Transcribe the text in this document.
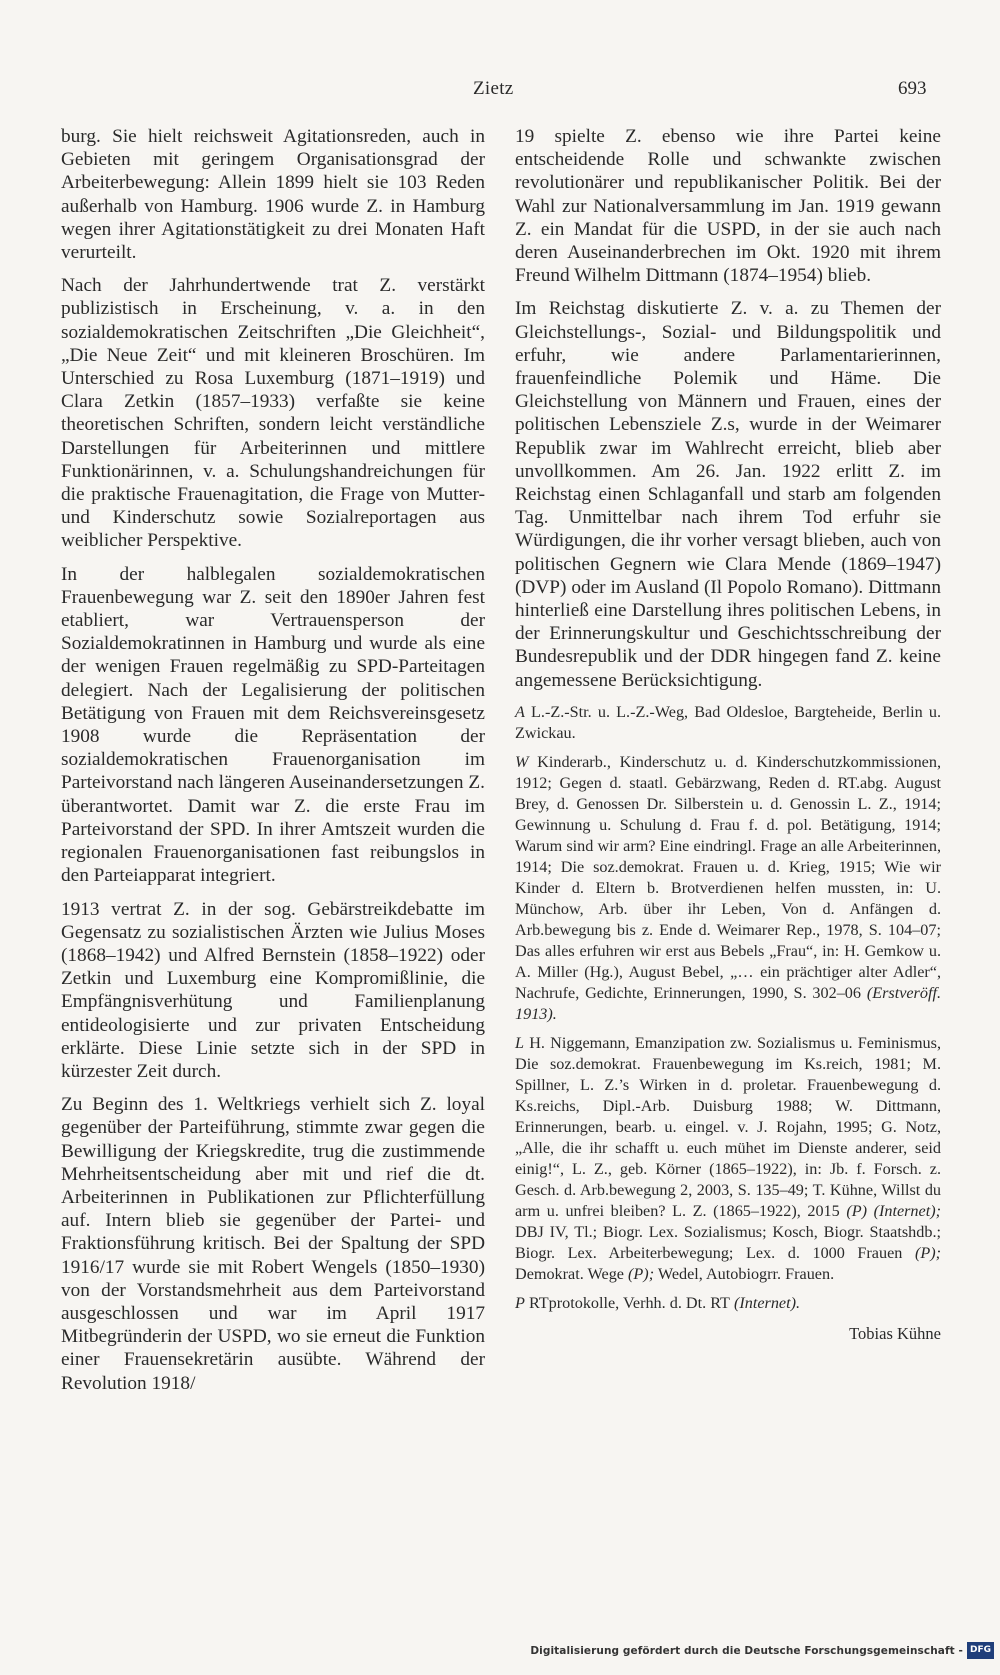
Zietz	693

burg. Sie hielt reichsweit Agitationsreden, auch in Gebieten mit geringem Organisationsgrad der Arbeiterbewegung: Allein 1899 hielt sie 103 Reden außerhalb von Hamburg. 1906 wurde Z. in Hamburg wegen ihrer Agitationstätigkeit zu drei Monaten Haft verurteilt.

Nach der Jahrhundertwende trat Z. verstärkt publizistisch in Erscheinung, v. a. in den sozialdemokratischen Zeitschriften „Die Gleichheit“, „Die Neue Zeit“ und mit kleineren Broschüren. Im Unterschied zu Rosa Luxemburg (1871–1919) und Clara Zetkin (1857–1933) verfaßte sie keine theoretischen Schriften, sondern leicht verständliche Darstellungen für Arbeiterinnen und mittlere Funktionärinnen, v. a. Schulungshandreichungen für die praktische Frauenagitation, die Frage von Mutter- und Kinderschutz sowie Sozialreportagen aus weiblicher Perspektive.

In der halblegalen sozialdemokratischen Frauenbewegung war Z. seit den 1890er Jahren fest etabliert, war Vertrauensperson der Sozialdemokratinnen in Hamburg und wurde als eine der wenigen Frauen regelmäßig zu SPD-Parteitagen delegiert. Nach der Legalisierung der politischen Betätigung von Frauen mit dem Reichsvereinsgesetz 1908 wurde die Repräsentation der sozialdemokratischen Frauenorganisation im Parteivorstand nach längeren Auseinandersetzungen Z. überantwortet. Damit war Z. die erste Frau im Parteivorstand der SPD. In ihrer Amtszeit wurden die regionalen Frauenorganisationen fast reibungslos in den Parteiapparat integriert.

1913 vertrat Z. in der sog. Gebärstreikdebatte im Gegensatz zu sozialistischen Ärzten wie Julius Moses (1868–1942) und Alfred Bernstein (1858–1922) oder Zetkin und Luxemburg eine Kompromißlinie, die Empfängnisverhütung und Familienplanung entideologisierte und zur privaten Entscheidung erklärte. Diese Linie setzte sich in der SPD in kürzester Zeit durch.

Zu Beginn des 1. Weltkriegs verhielt sich Z. loyal gegenüber der Parteiführung, stimmte zwar gegen die Bewilligung der Kriegskredite, trug die zustimmende Mehrheitsentscheidung aber mit und rief die dt. Arbeiterinnen in Publikationen zur Pflichterfüllung auf. Intern blieb sie gegenüber der Partei- und Fraktionsführung kritisch. Bei der Spaltung der SPD 1916/17 wurde sie mit Robert Wengels (1850–1930) von der Vorstandsmehrheit aus dem Parteivorstand ausgeschlossen und war im April 1917 Mitbegründerin der USPD, wo sie erneut die Funktion einer Frauensekretärin ausübte. Während der Revolution 1918/

19 spielte Z. ebenso wie ihre Partei keine entscheidende Rolle und schwankte zwischen revolutionärer und republikanischer Politik. Bei der Wahl zur Nationalversammlung im Jan. 1919 gewann Z. ein Mandat für die USPD, in der sie auch nach deren Auseinanderbrechen im Okt. 1920 mit ihrem Freund Wilhelm Dittmann (1874–1954) blieb.

Im Reichstag diskutierte Z. v. a. zu Themen der Gleichstellungs-, Sozial- und Bildungspolitik und erfuhr, wie andere Parlamentarierinnen, frauenfeindliche Polemik und Häme. Die Gleichstellung von Männern und Frauen, eines der politischen Lebensziele Z.s, wurde in der Weimarer Republik zwar im Wahlrecht erreicht, blieb aber unvollkommen. Am 26. Jan. 1922 erlitt Z. im Reichstag einen Schlaganfall und starb am folgenden Tag. Unmittelbar nach ihrem Tod erfuhr sie Würdigungen, die ihr vorher versagt blieben, auch von politischen Gegnern wie Clara Mende (1869–1947) (DVP) oder im Ausland (Il Popolo Romano). Dittmann hinterließ eine Darstellung ihres politischen Lebens, in der Erinnerungskultur und Geschichtsschreibung der Bundesrepublik und der DDR hingegen fand Z. keine angemessene Berücksichtigung.

A L.-Z.-Str. u. L.-Z.-Weg, Bad Oldesloe, Bargteheide, Berlin u. Zwickau.

W Kinderarb., Kinderschutz u. d. Kinderschutzkommissionen, 1912; Gegen d. staatl. Gebärzwang, Reden d. RT.abg. August Brey, d. Genossen Dr. Silberstein u. d. Genossin L. Z., 1914; Gewinnung u. Schulung d. Frau f. d. pol. Betätigung, 1914; Warum sind wir arm? Eine eindringl. Frage an alle Arbeiterinnen, 1914; Die soz.demokrat. Frauen u. d. Krieg, 1915; Wie wir Kinder d. Eltern b. Brotverdienen helfen mussten, in: U. Münchow, Arb. über ihr Leben, Von d. Anfängen d. Arb.bewegung bis z. Ende d. Weimarer Rep., 1978, S. 104–07; Das alles erfuhren wir erst aus Bebels „Frau“, in: H. Gemkow u. A. Miller (Hg.), August Bebel, „… ein prächtiger alter Adler“, Nachrufe, Gedichte, Erinnerungen, 1990, S. 302–06 (Erstveröff. 1913).

L H. Niggemann, Emanzipation zw. Sozialismus u. Feminismus, Die soz.demokrat. Frauenbewegung im Ks.reich, 1981; M. Spillner, L. Z.’s Wirken in d. proletar. Frauenbewegung d. Ks.reichs, Dipl.-Arb. Duisburg 1988; W. Dittmann, Erinnerungen, bearb. u. eingel. v. J. Rojahn, 1995; G. Notz, „Alle, die ihr schafft u. euch mühet im Dienste anderer, seid einig!“, L. Z., geb. Körner (1865–1922), in: Jb. f. Forsch. z. Gesch. d. Arb.bewegung 2, 2003, S. 135–49; T. Kühne, Willst du arm u. unfrei bleiben? L. Z. (1865–1922), 2015 (P) (Internet); DBJ IV, Tl.; Biogr. Lex. Sozialismus; Kosch, Biogr. Staatshdb.; Biogr. Lex. Arbeiterbewegung; Lex. d. 1000 Frauen (P); Demokrat. Wege (P); Wedel, Autobiogrr. Frauen.

P RTprotokolle, Verhh. d. Dt. RT (Internet).

Tobias Kühne
Digitalisierung gefördert durch die Deutsche Forschungsgemeinschaft - DFG
